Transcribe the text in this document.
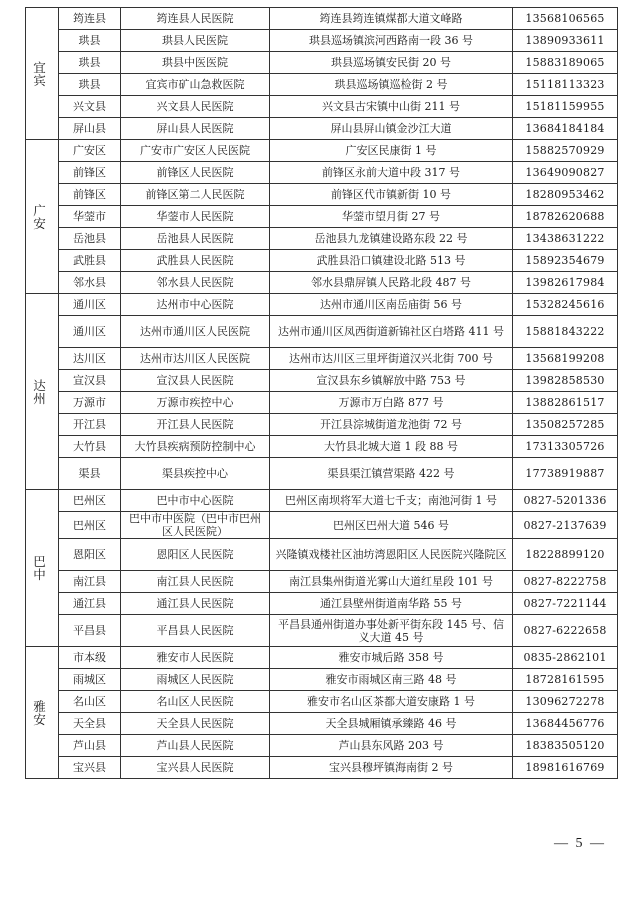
宜宾	筠连县	筠连县人民医院	筠连县筠连镇煤都大道文峰路	13568106565
	珙县	珙县人民医院	珙县巡场镇滨河西路南一段 36 号	13890933611
	珙县	珙县中医医院	珙县巡场镇安民街 20 号	15883189065
	珙县	宜宾市矿山急救医院	珙县巡场镇巡检街 2 号	15118113323
	兴文县	兴文县人民医院	兴文县古宋镇中山街 211 号	15181159955
	屏山县	屏山县人民医院	屏山县屏山镇金沙江大道	13684184184
广安	广安区	广安市广安区人民医院	广安区民康街 1 号	15882570929
	前锋区	前锋区人民医院	前锋区永前大道中段 317 号	13649090827
	前锋区	前锋区第二人民医院	前锋区代市镇新街 10 号	18280953462
	华蓥市	华蓥市人民医院	华蓥市望月街 27 号	18782620688
	岳池县	岳池县人民医院	岳池县九龙镇建设路东段 22 号	13438631222
	武胜县	武胜县人民医院	武胜县沿口镇建设北路 513 号	15892354679
	邻水县	邻水县人民医院	邻水县鼎屏镇人民路北段 487 号	13982617984
达州	通川区	达州市中心医院	达州市通川区南岳庙街 56 号	15328245616
	通川区	达州市通川区人民医院	达州市通川区凤西街道新锦社区白塔路 411 号	15881843222
	达川区	达州市达川区人民医院	达州市达川区三里坪街道汉兴北街 700 号	13568199208
	宣汉县	宣汉县人民医院	宣汉县东乡镇解放中路 753 号	13982858530
	万源市	万源市疾控中心	万源市万白路 877 号	13882861517
	开江县	开江县人民医院	开江县淙城街道龙池街 72 号	13508257285
	大竹县	大竹县疾病预防控制中心	大竹县北城大道 1 段 88 号	17313305726
	渠县	渠县疾控中心	渠县渠江镇营渠路 422 号	17738919887
巴中	巴州区	巴中市中心医院	巴州区南坝将军大道七千支；南池河街 1 号	0827-5201336
	巴州区	巴中市中医院（巴中市巴州区人民医院）	巴州区巴州大道 546 号	0827-2137639
	恩阳区	恩阳区人民医院	兴隆镇戏楼社区油坊湾恩阳区人民医院兴隆院区	18228899120
	南江县	南江县人民医院	南江县集州街道光雾山大道红星段 101 号	0827-8222758
	通江县	通江县人民医院	通江县壁州街道南华路 55 号	0827-7221144
	平昌县	平昌县人民医院	平昌县通州街道办事处新平街东段 145 号、信义大道 45 号	0827-6222658
雅安	市本级	雅安市人民医院	雅安市城后路 358 号	0835-2862101
	雨城区	雨城区人民医院	雅安市雨城区南三路 48 号	18728161595
	名山区	名山区人民医院	雅安市名山区茶都大道安康路 1 号	13096272278
	天全县	天全县人民医院	天全县城厢镇承臻路 46 号	13684456776
	芦山县	芦山县人民医院	芦山县东风路 203 号	18383505120
	宝兴县	宝兴县人民医院	宝兴县穆坪镇海南街 2 号	18981616769
— 5 —
